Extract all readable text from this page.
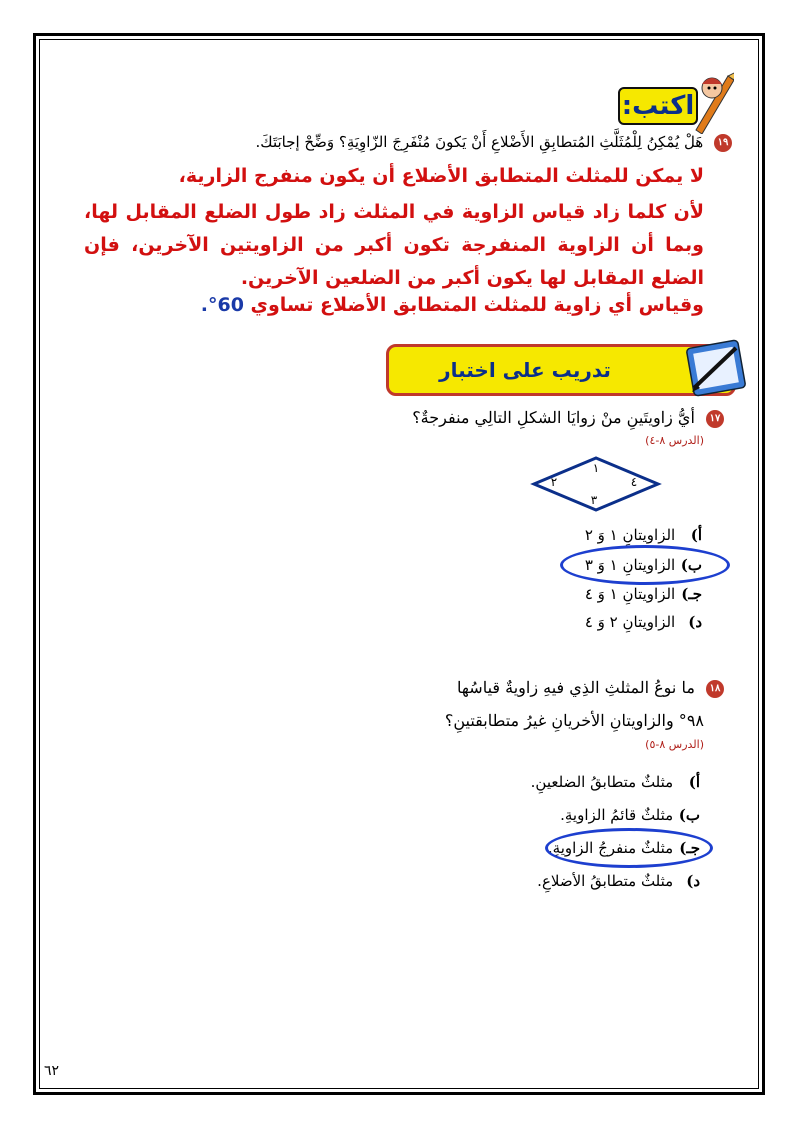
اكتب:
١٩ هَلْ يُمْكِنُ لِلْمُثَلَّثِ المُتطابِقِ الأَضْلاعِ أَنْ يَكونَ مُنْفَرِجَ الزّاوِيَةِ؟ وَضِّحْ إجابَتَكَ.
لا يمكن للمثلث المتطابق الأضلاع أن يكون منفرج الزارية،
لأن كلما زاد قياس الزاوية في المثلث زاد طول الضلع المقابل لها، وبما أن الزاوية المنفرجة تكون أكبر من الزاويتين الآخرين، فإن الضلع المقابل لها يكون أكبر من الضلعين الآخرين.
وقياس أي زاوية للمثلث المتطابق الأضلاع تساوي 60°.
تدريب على اختبار
١٧ أيُّ زاويتَينِ منْ زوايَا الشكلِ التالِي منفرجةٌ؟
(الدرس ٨-٤)
١
٢
٣
٤
أ) الزاويتانِ ١ وَ ٢
ب) الزاويتانِ ١ وَ ٣
جـ) الزاويتانِ ١ وَ ٤
د) الزاويتانِ ٢ وَ ٤
١٨ ما نوعُ المثلثِ الذِي فيهِ زاويةٌ قياسُها
٩٨° والزاويتانِ الأخريانِ غيرُ متطابقتينِ؟
(الدرس ٨-٥)
أ) مثلثٌ متطابقُ الضلعينِ.
ب) مثلثٌ قائمُ الزاويةِ.
جـ) مثلثٌ منفرجُ الزاويةِ.
د) مثلثٌ متطابقُ الأضلاعِ.
٦٢
